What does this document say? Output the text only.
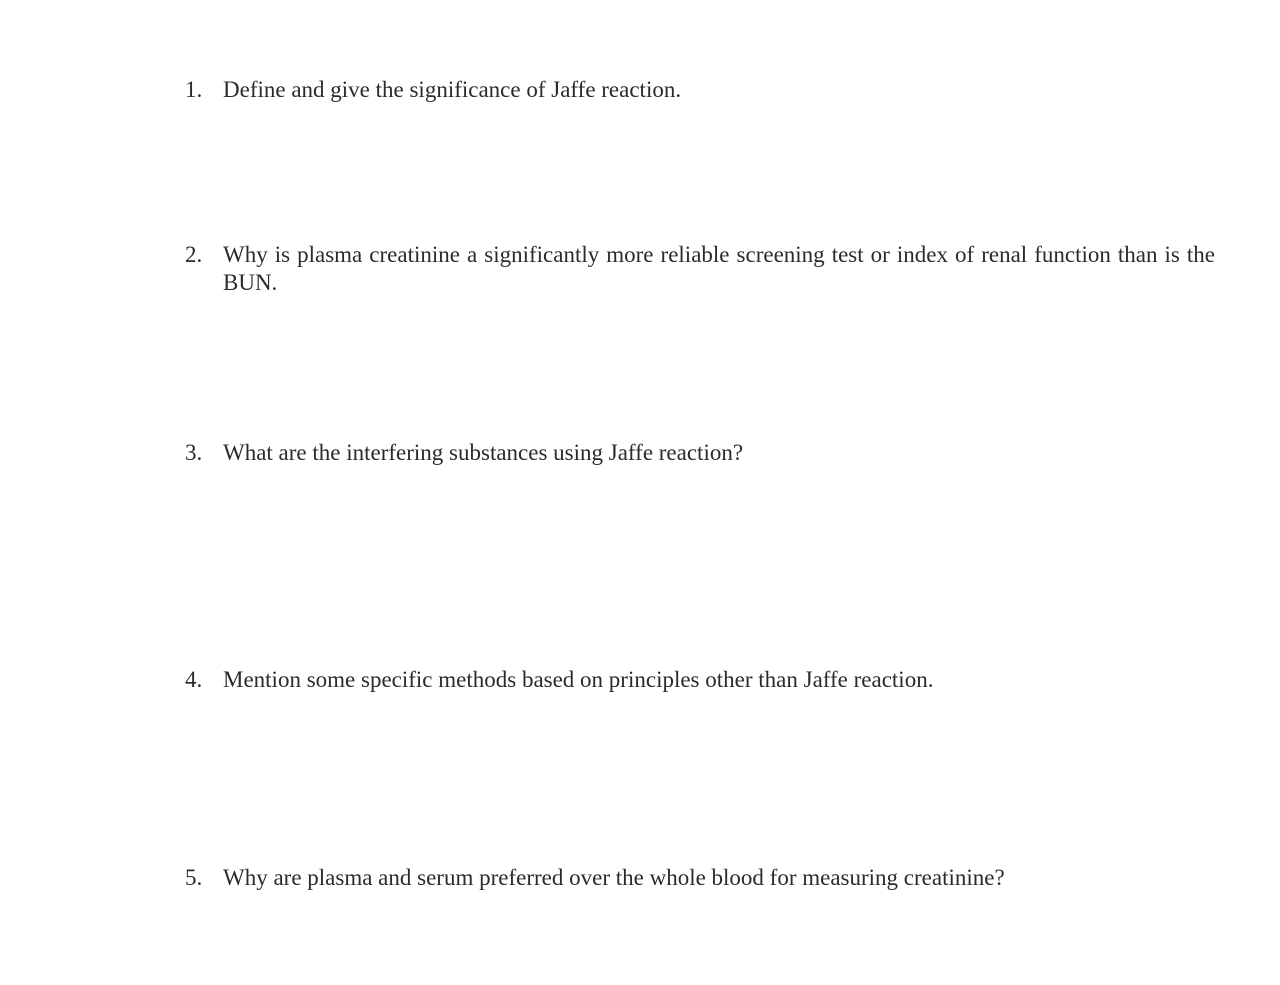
1. Define and give the significance of Jaffe reaction.
2. Why is plasma creatinine a significantly more reliable screening test or index of renal function than is the BUN.
3. What are the interfering substances using Jaffe reaction?
4. Mention some specific methods based on principles other than Jaffe reaction.
5. Why are plasma and serum preferred over the whole blood for measuring creatinine?
